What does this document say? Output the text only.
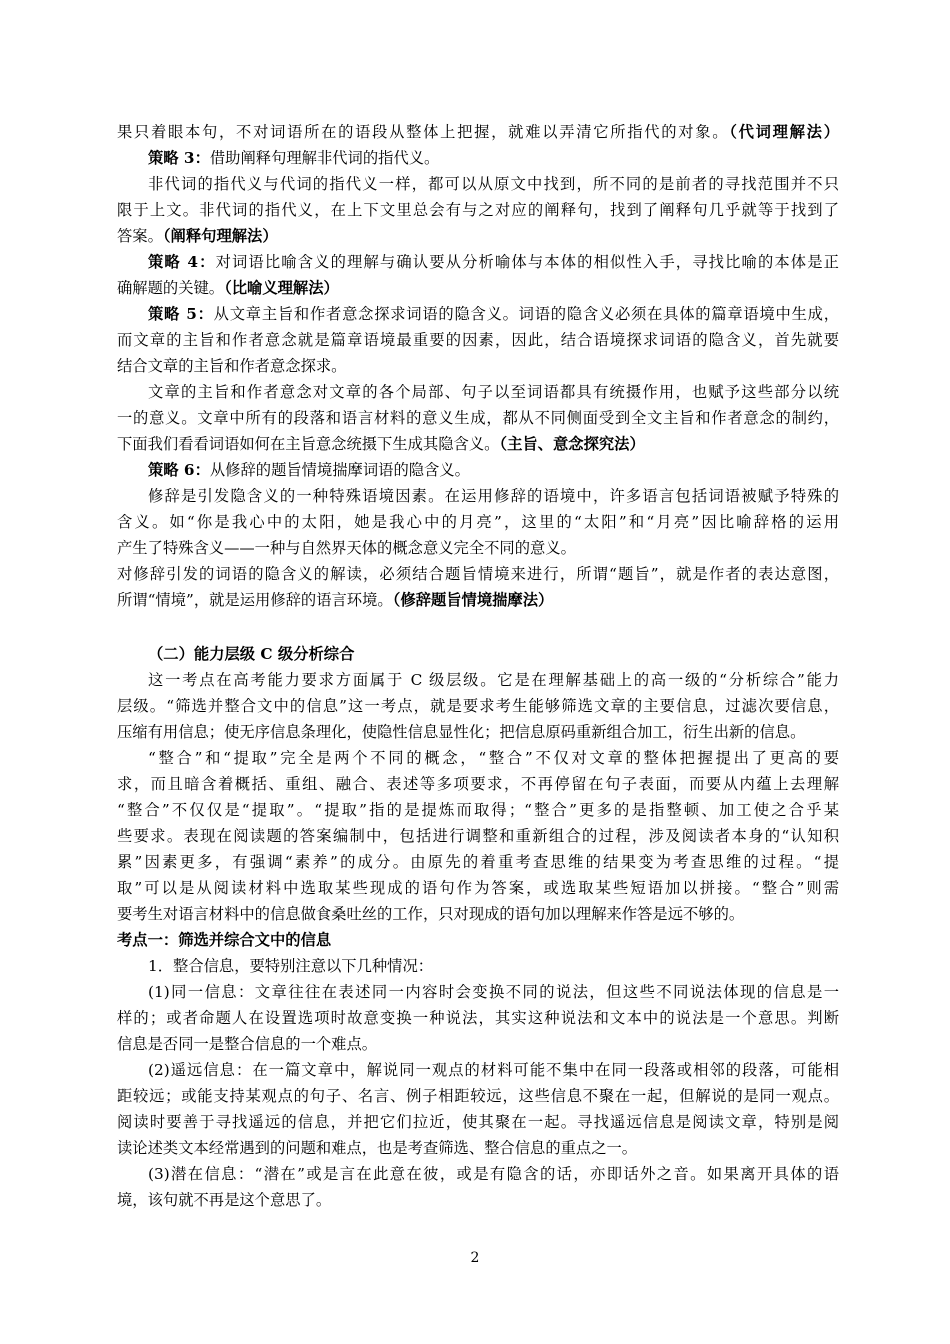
果只着眼本句，不对词语所在的语段从整体上把握，就难以弄清它所指代的对象。（代词理解法）
策略 3：借助阐释句理解非代词的指代义。
非代词的指代义与代词的指代义一样，都可以从原文中找到，所不同的是前者的寻找范围并不只
限于上文。非代词的指代义，在上下文里总会有与之对应的阐释句，找到了阐释句几乎就等于找到了
答案。（阐释句理解法）
策略 4：对词语比喻含义的理解与确认要从分析喻体与本体的相似性入手，寻找比喻的本体是正
确解题的关键。（比喻义理解法）
策略 5：从文章主旨和作者意念探求词语的隐含义。词语的隐含义必须在具体的篇章语境中生成，
而文章的主旨和作者意念就是篇章语境最重要的因素，因此，结合语境探求词语的隐含义，首先就要
结合文章的主旨和作者意念探求。
文章的主旨和作者意念对文章的各个局部、句子以至词语都具有统摄作用，也赋予这些部分以统
一的意义。文章中所有的段落和语言材料的意义生成，都从不同侧面受到全文主旨和作者意念的制约，
下面我们看看词语如何在主旨意念统摄下生成其隐含义。（主旨、意念探究法）
策略 6：从修辞的题旨情境揣摩词语的隐含义。
修辞是引发隐含义的一种特殊语境因素。在运用修辞的语境中，许多语言包括词语被赋予特殊的
含义。如“你是我心中的太阳，她是我心中的月亮”，这里的“太阳”和“月亮”因比喻辞格的运用
产生了特殊含义——一种与自然界天体的概念意义完全不同的意义。
对修辞引发的词语的隐含义的解读，必须结合题旨情境来进行，所谓“题旨”，就是作者的表达意图，
所谓“情境”，就是运用修辞的语言环境。（修辞题旨情境揣摩法）
（二）能力层级 C 级分析综合
这一考点在高考能力要求方面属于 C 级层级。它是在理解基础上的高一级的“分析综合”能力
层级。“筛选并整合文中的信息”这一考点，就是要求考生能够筛选文章的主要信息，过滤次要信息，
压缩有用信息；使无序信息条理化，使隐性信息显性化；把信息原码重新组合加工，衍生出新的信息。
“整合”和“提取”完全是两个不同的概念，“整合”不仅对文章的整体把握提出了更高的要
求，而且暗含着概括、重组、融合、表述等多项要求，不再停留在句子表面，而要从内蕴上去理解
“整合”不仅仅是“提取”。“提取”指的是提炼而取得；“整合”更多的是指整顿、加工使之合乎某
些要求。表现在阅读题的答案编制中，包括进行调整和重新组合的过程，涉及阅读者本身的“认知积
累”因素更多，有强调“素养”的成分。由原先的着重考查思维的结果变为考查思维的过程。“提
取”可以是从阅读材料中选取某些现成的语句作为答案，或选取某些短语加以拼接。“整合”则需
要考生对语言材料中的信息做食桑吐丝的工作，只对现成的语句加以理解来作答是远不够的。
考点一：筛选并综合文中的信息
1．整合信息，要特别注意以下几种情况：
(1)同一信息：文章往往在表述同一内容时会变换不同的说法，但这些不同说法体现的信息是一
样的；或者命题人在设置选项时故意变换一种说法，其实这种说法和文本中的说法是一个意思。判断
信息是否同一是整合信息的一个难点。
(2)遥远信息：在一篇文章中，解说同一观点的材料可能不集中在同一段落或相邻的段落，可能相
距较远；或能支持某观点的句子、名言、例子相距较远，这些信息不聚在一起，但解说的是同一观点。
阅读时要善于寻找遥远的信息，并把它们拉近，使其聚在一起。寻找遥远信息是阅读文章，特别是阅
读论述类文本经常遇到的问题和难点，也是考查筛选、整合信息的重点之一。
(3)潜在信息：“潜在”或是言在此意在彼，或是有隐含的话，亦即话外之音。如果离开具体的语
境，该句就不再是这个意思了。
2
